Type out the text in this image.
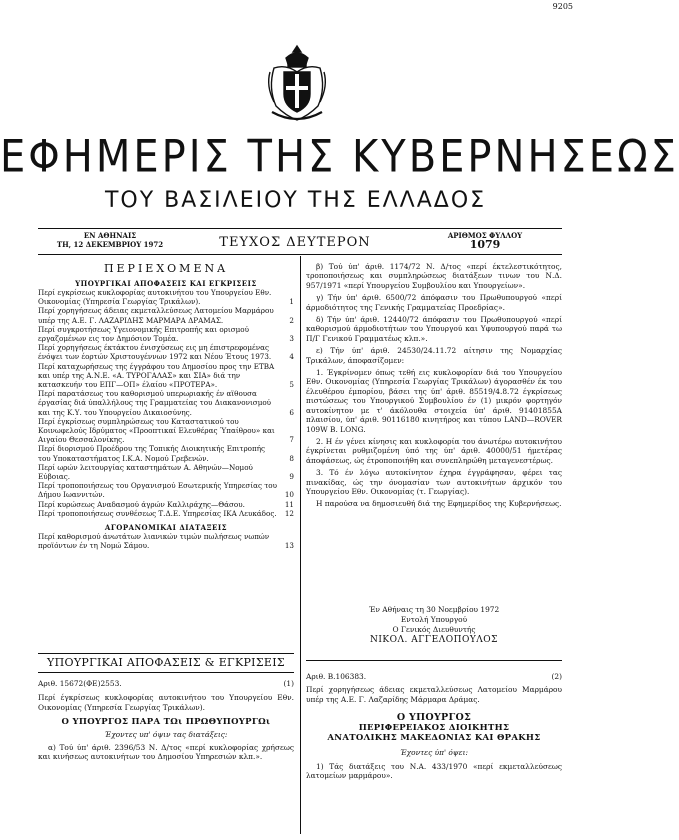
9205
ΕΦΗΜΕΡΙΣ ΤΗΣ ΚΥΒΕΡΝΗΣΕΩΣ
ΤΟΥ ΒΑΣΙΛΕΙΟΥ ΤΗΣ ΕΛΛΑΔΟΣ
ΕΝ ΑΘΗΝΑΙΣ
ΤΗ, 12 ΔΕΚΕΜΒΡΙΟΥ 1972	ΤΕΥΧΟΣ ΔΕΥΤΕΡΟΝ	ΑΡΙΘΜΟΣ ΦΥΛΛΟΥ
1079
ΠΕΡΙΕΧΟΜΕΝΑ
ΥΠΟΥΡΓΙΚΑΙ ΑΠΟΦΑΣΕΙΣ ΚΑΙ ΕΓΚΡΙΣΕΙΣ
Περί εγκρίσεως κυκλοφορίας αυτοκινήτου του Υπουργείου Εθν. Οικονομίας (Υπηρεσία Γεωργίας Τρικάλων).	1
Περί χορηγήσεως άδειας εκμεταλλεύσεως Λατομείου Μαρμάρου υπέρ της Α.Ε. Γ. ΛΑΖΑΡΙΔΗΣ ΜΑΡΜΑΡΑ ΔΡΑΜΑΣ.	2
Περί συγκροτήσεως Υγειονομικής Επιτροπής και ορισμού εργαζομένων εις τον Δημόσιον Τομέα.	3
Περί χορηγήσεως έκτάκτου ένισχύσεως εις μη έπιστρεφομένας ένόψει των έορτών Χριστουγέννων 1972 και Νέου Έτους 1973.	4
Περί καταχωρήσεως της έγγράφου του Δημοσίου προς την ΕΤΒΑ και υπέρ της Α.Ν.Ε. «Α. ΤΥΡΟΓΑΛΑΣ» και ΣΙΑ» διά την κατασκευήν του ΕΠΓ—ΟΠ» έλαίου «ΠΡΟΤΕΡΑ».	5
Περί παρατάσεως του καθορισμού υπερωριακής έν αϊθουσα έργασίας διά ύπαλλήλους της Γραμματείας του Διακανονισμού και της Κ.Υ. του Υπουργείου Δικαιοσύνης.	6
Περί έγκρίσεως συμπληρώσεως του Καταστατικού του Κοινωφελούς Ιδρύματος «Προοπτικαί Ελευθέρας Ύπαίθρου» και Αιγαίου Θεσσαλονίκης.	7
Περί διορισμού Προέδρου της Τοπικής Διοικητικής Επιτροπής του Υποκαταστήματος Ι.Κ.Α. Νομού Γρεβενών.	8
Περί ωρών λειτουργίας καταστημάτων Α. Αθηνών—Νομού Εύβοιας.	9
Περί τροποποιήσεως του Οργανισμού Εσωτερικής Υπηρεσίας του Δήμου Ιωαννιτών.	10
Περί κυρώσεως Αναδασμού άγρών Καλλιράχης—Θάσου.	11
Περί τροποποιήσεως συνθέσεως Τ.Δ.Ε. Υπηρεσίας ΙΚΑ Λευκάδος. 12
ΑΓΟΡΑΝΟΜΙΚΑΙ ΔΙΑΤΑΞΕΙΣ
Περί καθορισμού άνωτάτων λιανικών τιμών πωλήσεως νωπών προϊόντων έν τη Νομώ Σάμου.	13
ΥΠΟΥΡΓΙΚΑΙ ΑΠΟΦΑΣΕΙΣ & ΕΓΚΡΙΣΕΙΣ
Αριθ. 15672(ΦΕ)2553.	(1)
Περί έγκρίσεως κυκλοφορίας αυτοκινήτου του Υπουργείου Εθν. Οικονομίας (Υπηρεσία Γεωργίας Τρικάλων).
Ο ΥΠΟΥΡΓΟΣ ΠΑΡΑ ΤΩι ΠΡΩΘΥΠΟΥΡΓΩι
Έχοντες υπ' όψιν τας διατάξεις:
α) Τού ύπ' άριθ. 2396/53 Ν. Δ/τος «περί κυκλοφορίας χρήσεως και κινήσεως αυτοκινήτων του Δημοσίου Υπηρεσιών κλπ.».

β) Τού ύπ' άριθ. 1174/72 Ν. Δ/τος «περί έκτελεστικότητος, τροποποιήσεως και συμπληρώσεως διατάξεων τινων του Ν.Δ. 957/1971 «περί Υπουργείου Συμβουλίου και Υπουργείων».

γ) Τήν ύπ' άριθ. 6500/72 άπόφασιν του Πρωθυπουργού «περί άρμοδιότητος της Γενικής Γραμματείας Προεδρίας».

δ) Τήν ύπ' άριθ. 12440/72 άπόφασιν του Πρωθυπουργού «περί καθορισμού άρμοδιοτήτων του Υπουργού και Υφυπουργού παρά τω Π/Γ Γενικού Γραμματέως κλπ.».

ε) Τήν ύπ' άριθ. 24530/24.11.72 αίτησιν της Νομαρχίας Τρικάλων, άποφασίζομεν:

1. Έγκρίνομεν όπως τεθή εις κυκλοφορίαν διά του Υπουργείου Εθν. Οικονομίας (Υπηρεσία Γεωργίας Τρικάλων) άγορασθέν έκ του έλευθέρου έμπορίου, βάσει της ύπ' άριθ. 85519/4.8.72 έγκρίσεως πιστώσεως του Υπουργικού Συμβουλίου έν (1) μικρόν φορτηγόν αυτοκίνητον με τ' άκόλουθα στοιχεία ύπ' άριθ. 91401855Α πλαισίου, ύπ' άριθ. 90116180 κινητήρος και τύπου LAND—ROVER 109W B. LONG.

2. Η έν γένει κίνησις και κυκλοφορία του άνωτέρω αυτοκινήτου έγκρίνεται ρυθμιζομένη ύπό της ύπ' άριθ. 40000/51 ήμετέρας άποφάσεως, ώς έτροποποιήθη και συνεπληρώθη μεταγενεστέρως.

3. Τό έν λόγω αυτοκίνητον έχηρα έγγράφησαν, φέρει τας πινακίδας, ώς την όνομασίαν των αυτοκινήτων άρχικόν του Υπουργείου Εθν. Οικονομίας (τ. Γεωργίας).

Η παρούσα να δημοσιευθή διά της Εφημερίδος της Κυβερνήσεως.

Έν Αθήναις τη 30 Νοεμβρίου 1972
Εντολή Υπουργού
Ο Γενικός Διευθυντής
ΝΙΚΟΛ. ΑΓΓΕΛΟΠΟΥΛΟΣ
Αριθ. Β.106383.	(2)
Περί χορηγήσεως άδειας εκμεταλλεύσεως Λατομείου Μαρμάρου υπέρ της Α.Ε. Γ. Λαζαρίδης Μάρμαρα Δράμας.
Ο ΥΠΟΥΡΓΟΣ
ΠΕΡΙΦΕΡΕΙΑΚΟΣ ΔΙΟΙΚΗΤΗΣ
ΑΝΑΤΟΛΙΚΗΣ ΜΑΚΕΔΟΝΙΑΣ ΚΑΙ ΘΡΑΚΗΣ
Έχοντες ύπ' όψει:
1) Τάς διατάξεις του Ν.Α. 433/1970 «περί εκμεταλλεύσεως λατομείων μαρμάρου».
